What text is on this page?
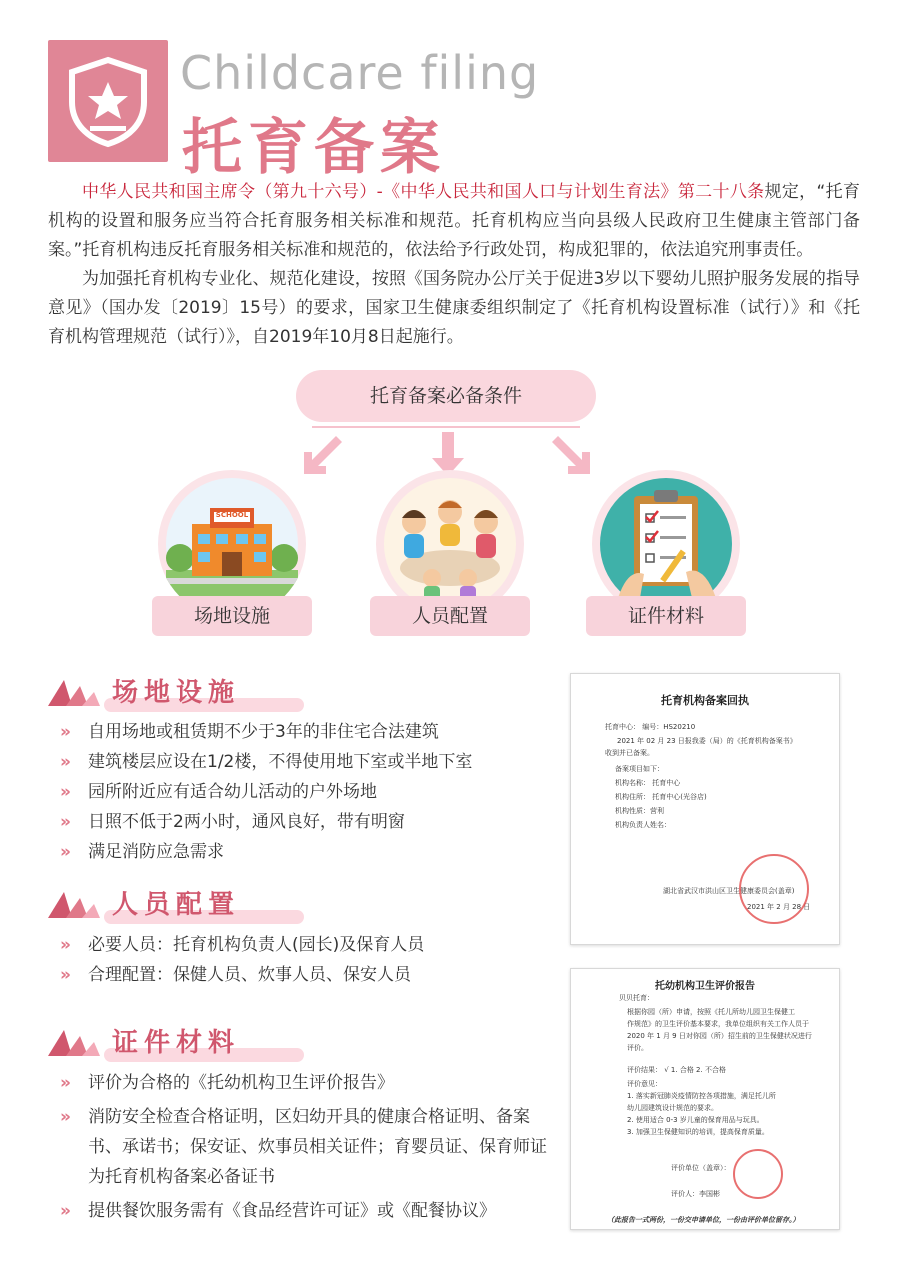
Childcare filing
托育备案

中华人民共和国主席令（第九十六号）-《中华人民共和国人口与计划生育法》第二十八条规定，“托育机构的设置和服务应当符合托育服务相关标准和规范。托育机构应当向县级人民政府卫生健康主管部门备案。”托育机构违反托育服务相关标准和规范的，依法给予行政处罚，构成犯罪的，依法追究刑事责任。

为加强托育机构专业化、规范化建设，按照《国务院办公厅关于促进3岁以下婴幼儿照护服务发展的指导意见》（国办发〔2019〕15号）的要求，国家卫生健康委组织制定了《托育机构设置标准（试行）》和《托育机构管理规范（试行）》，自2019年10月8日起施行。

托育备案必备条件
SCHOOL
场地设施	人员配置	证件材料
场地设施
» 自用场地或租赁期不少于3年的非住宅合法建筑
» 建筑楼层应设在1/2楼，不得使用地下室或半地下室
» 园所附近应有适合幼儿活动的户外场地
» 日照不低于2两小时，通风良好，带有明窗
» 满足消防应急需求
人员配置
» 必要人员：托育机构负责人(园长)及保育人员
» 合理配置：保健人员、炊事人员、保安人员
证件材料
» 评价为合格的《托幼机构卫生评价报告》
» 消防安全检查合格证明，区妇幼开具的健康合格证明、备案书、承诺书；保安证、炊事员相关证件；育婴员证、保育师证为托育机构备案必备证书
» 提供餐饮服务需有《食品经营许可证》或《配餐协议》
托育机构备案回执
托育中心： 编号：HS20210
2021 年 02 月 23 日报我委（局）的《托育机构备案书》
收到并已备案。
备案项目如下：
机构名称： 托育中心
机构住所： 托育中心(光谷店)
机构性质：营利
机构负责人姓名：
湖北省武汉市洪山区卫生健康委员会(盖章)
2021 年 2 月 28 日
托幼机构卫生评价报告
贝贝托育：
根据你园（所）申请，按照《托儿所幼儿园卫生保健工
作规范》的卫生评价基本要求，我单位组织有关工作人员于
2020 年 1 月 9 日对你园（所）招生前的卫生保健状况进行
评价。
评价结果： √ 1. 合格 2. 不合格
评价意见：
1. 落实新冠肺炎疫情防控各项措施，满足托儿所
幼儿园建筑设计规范的要求。
2. 使用适合 0-3 岁儿童的保育用品与玩具。
3. 加强卫生保健知识的培训，提高保育质量。
评价单位（盖章）：
评价人：李国彬
（此报告一式两份，一份交申请单位，一份由评价单位留存。）
